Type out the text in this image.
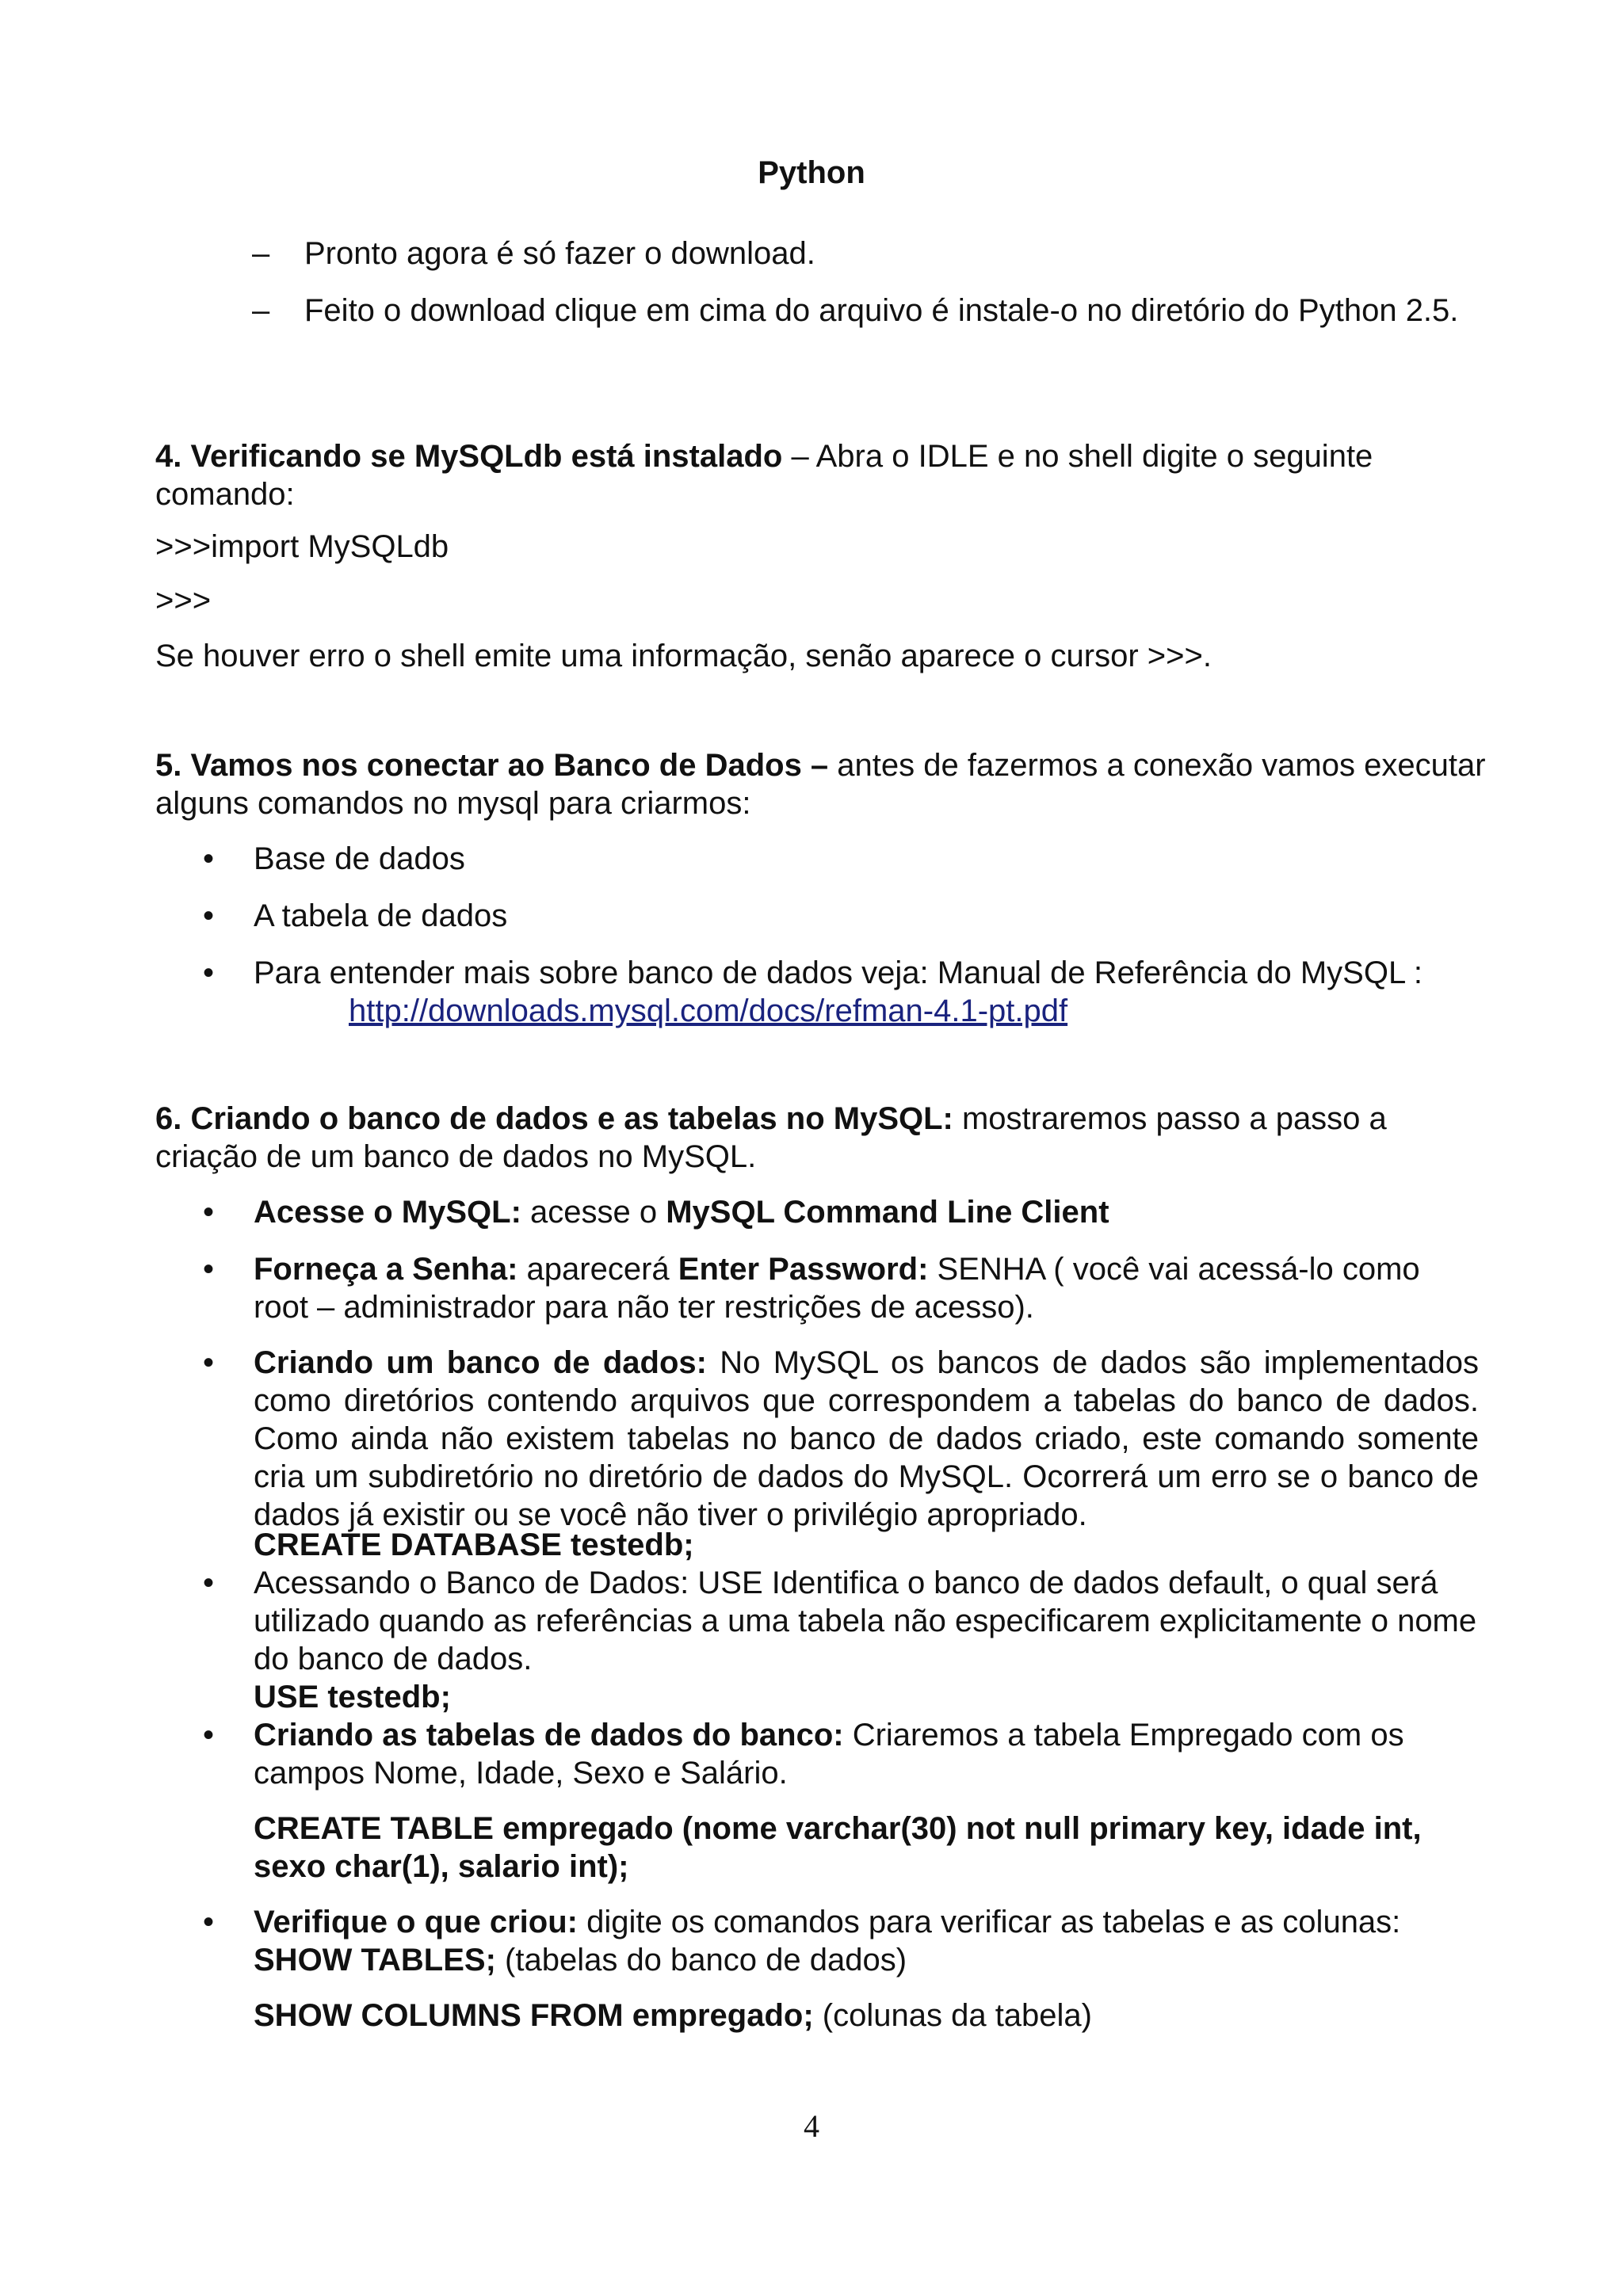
Python
– Pronto agora é só fazer o download.
– Feito o download clique em cima do arquivo é instale-o no diretório do Python 2.5.
4. Verificando se MySQLdb está instalado – Abra o IDLE e no shell digite o seguinte comando:
>>>import MySQLdb
>>>
Se houver erro o shell emite uma informação, senão aparece o cursor >>>.
5. Vamos nos conectar ao Banco de Dados – antes de fazermos a conexão vamos executar alguns comandos no mysql para criarmos:
• Base de dados
• A tabela de dados
• Para entender mais sobre banco de dados veja: Manual de Referência do MySQL :
http://downloads.mysql.com/docs/refman-4.1-pt.pdf
6. Criando o banco de dados e as tabelas no MySQL: mostraremos passo a passo a criação de um banco de dados no MySQL.
• Acesse o MySQL: acesse o MySQL Command Line Client
• Forneça a Senha: aparecerá Enter Password: SENHA ( você vai acessá-lo como root – administrador para não ter restrições de acesso).
• Criando um banco de dados: No MySQL os bancos de dados são implementados como diretórios contendo arquivos que correspondem a tabelas do banco de dados. Como ainda não existem tabelas no banco de dados criado, este comando somente cria um subdiretório no diretório de dados do MySQL. Ocorrerá um erro se o banco de dados já existir ou se você não tiver o privilégio apropriado.
CREATE DATABASE testedb;
• Acessando o Banco de Dados: USE Identifica o banco de dados default, o qual será utilizado quando as referências a uma tabela não especificarem explicitamente o nome do banco de dados.
USE testedb;
• Criando as tabelas de dados do banco: Criaremos a tabela Empregado com os campos Nome, Idade, Sexo e Salário.
CREATE TABLE empregado (nome varchar(30) not null primary key, idade int, sexo char(1), salario int);
• Verifique o que criou: digite os comandos para verificar as tabelas e as colunas:
SHOW TABLES; (tabelas do banco de dados)
SHOW COLUMNS FROM empregado; (colunas da tabela)
4
